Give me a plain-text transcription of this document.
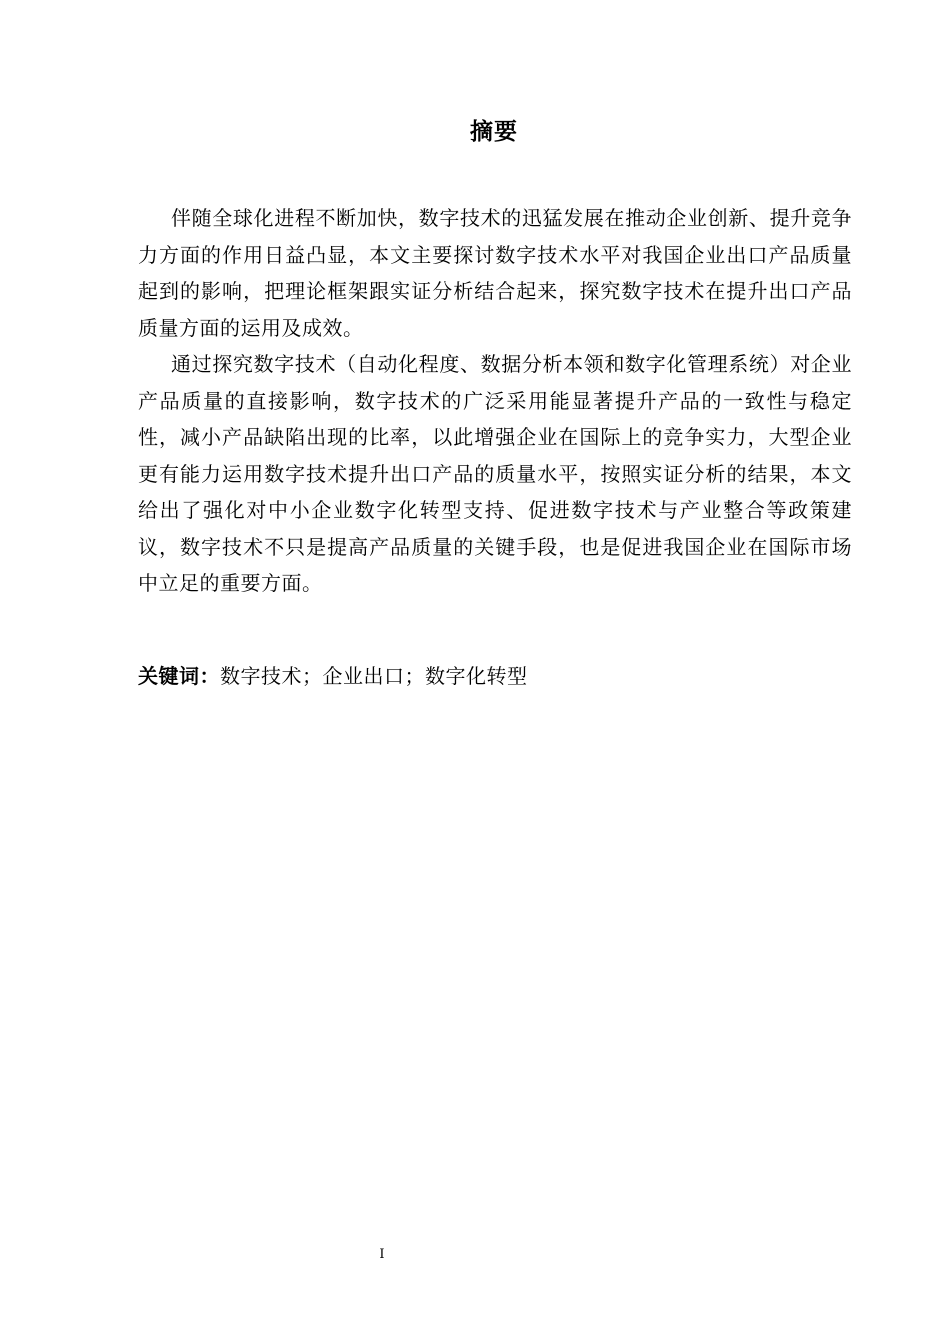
摘要

伴随全球化进程不断加快，数字技术的迅猛发展在推动企业创新、提升竞争力方面的作用日益凸显，本文主要探讨数字技术水平对我国企业出口产品质量起到的影响，把理论框架跟实证分析结合起来，探究数字技术在提升出口产品质量方面的运用及成效。

通过探究数字技术（自动化程度、数据分析本领和数字化管理系统）对企业产品质量的直接影响，数字技术的广泛采用能显著提升产品的一致性与稳定性，减小产品缺陷出现的比率，以此增强企业在国际上的竞争实力，大型企业更有能力运用数字技术提升出口产品的质量水平，按照实证分析的结果，本文给出了强化对中小企业数字化转型支持、促进数字技术与产业整合等政策建议，数字技术不只是提高产品质量的关键手段，也是促进我国企业在国际市场中立足的重要方面。

关键词：数字技术；企业出口；数字化转型
I
